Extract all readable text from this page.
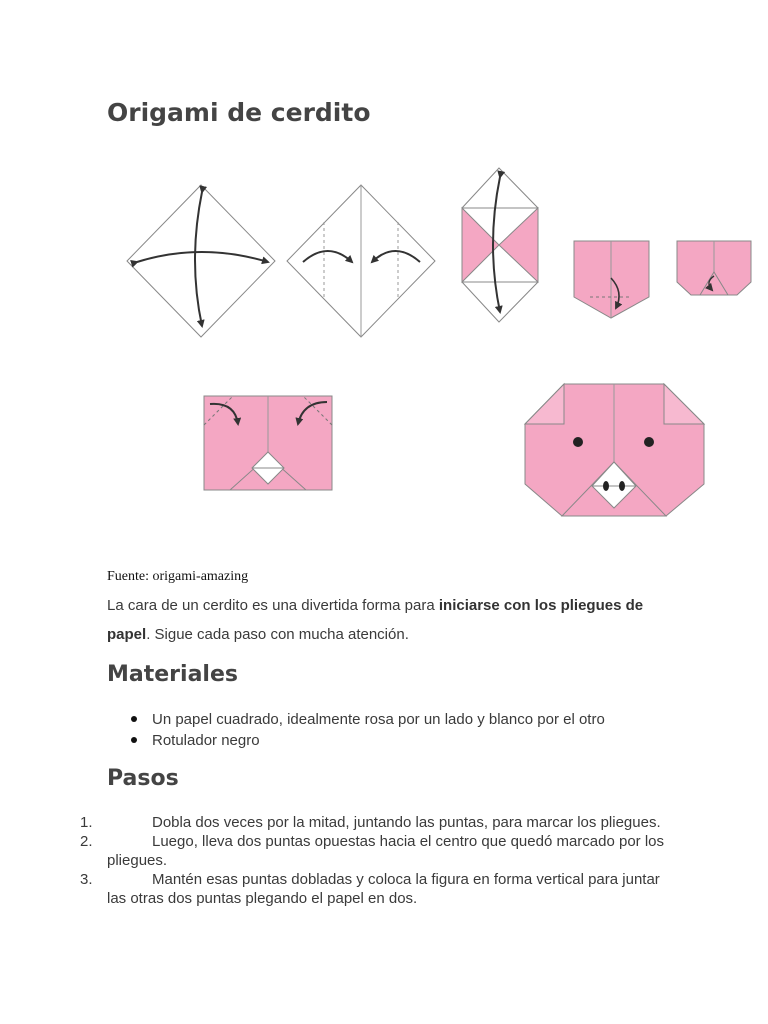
Origami de cerdito
Fuente: origami-amazing

La cara de un cerdito es una divertida forma para iniciarse con los pliegues de papel. Sigue cada paso con mucha atención.

Materiales
Un papel cuadrado, idealmente rosa por un lado y blanco por el otro
Rotulador negro
Pasos
1.	Dobla dos veces por la mitad, juntando las puntas, para marcar los pliegues.
2.	Luego, lleva dos puntas opuestas hacia el centro que quedó marcado por los pliegues.
3.	Mantén esas puntas dobladas y coloca la figura en forma vertical para juntar las otras dos puntas plegando el papel en dos.
